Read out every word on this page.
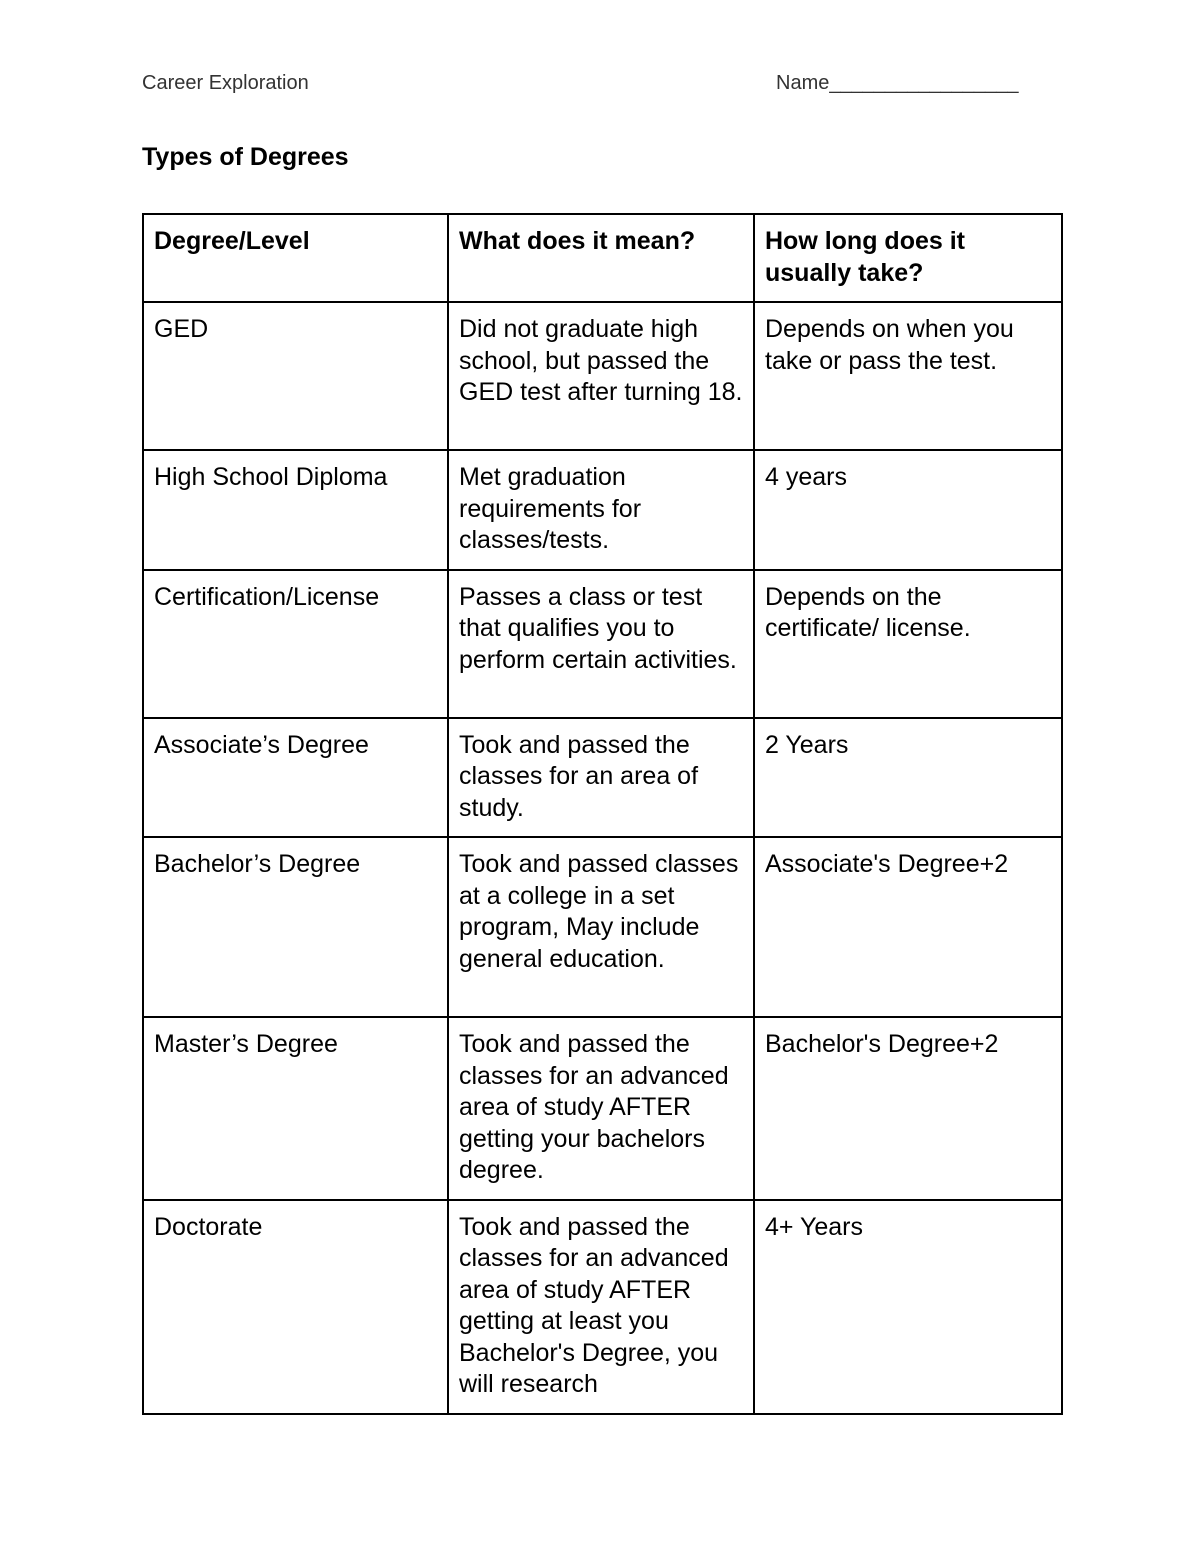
Career Exploration	Name_________________
Types of Degrees
Degree/Level	What does it mean?	How long does it usually take?
GED	Did not graduate high school, but passed the GED test after turning 18.	Depends on when you take or pass the test.
High School Diploma	Met graduation requirements for classes/tests.	4 years
Certification/License	Passes a class or test that qualifies you to perform certain activities.	Depends on the certificate/ license.
Associate’s Degree	Took and passed the classes for an area of study.	2 Years
Bachelor’s Degree	Took and passed classes at a college in a set program, May include general education.	Associate's Degree+2
Master’s Degree	Took and passed the classes for an advanced area of study AFTER getting your bachelors degree.	Bachelor's Degree+2
Doctorate	Took and passed the classes for an advanced area of study AFTER getting at least you Bachelor's Degree, you will research	4+ Years
